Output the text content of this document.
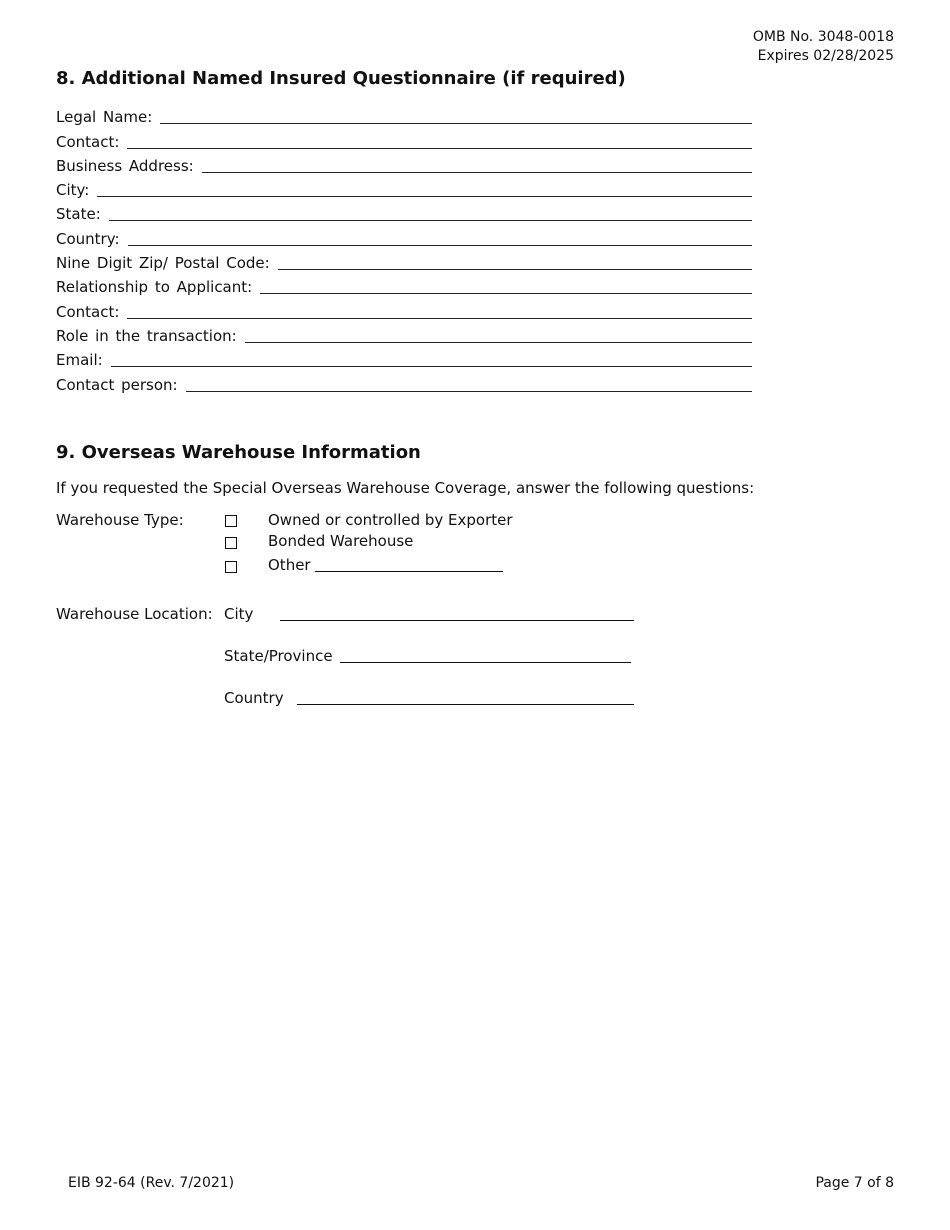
OMB No. 3048-0018
Expires 02/28/2025
8. Additional Named Insured Questionnaire (if required)
Legal Name:
Contact:
Business Address:
City:
State:
Country:
Nine Digit Zip/ Postal Code:
Relationship to Applicant:
Contact:
Role in the transaction:
Email:
Contact person:
9. Overseas Warehouse Information
If you requested the Special Overseas Warehouse Coverage, answer the following questions:
Warehouse Type:	Owned or controlled by Exporter
Bonded Warehouse
Other
Warehouse Location: City
State/Province
Country
EIB 92-64 (Rev. 7/2021)	Page 7 of 8
